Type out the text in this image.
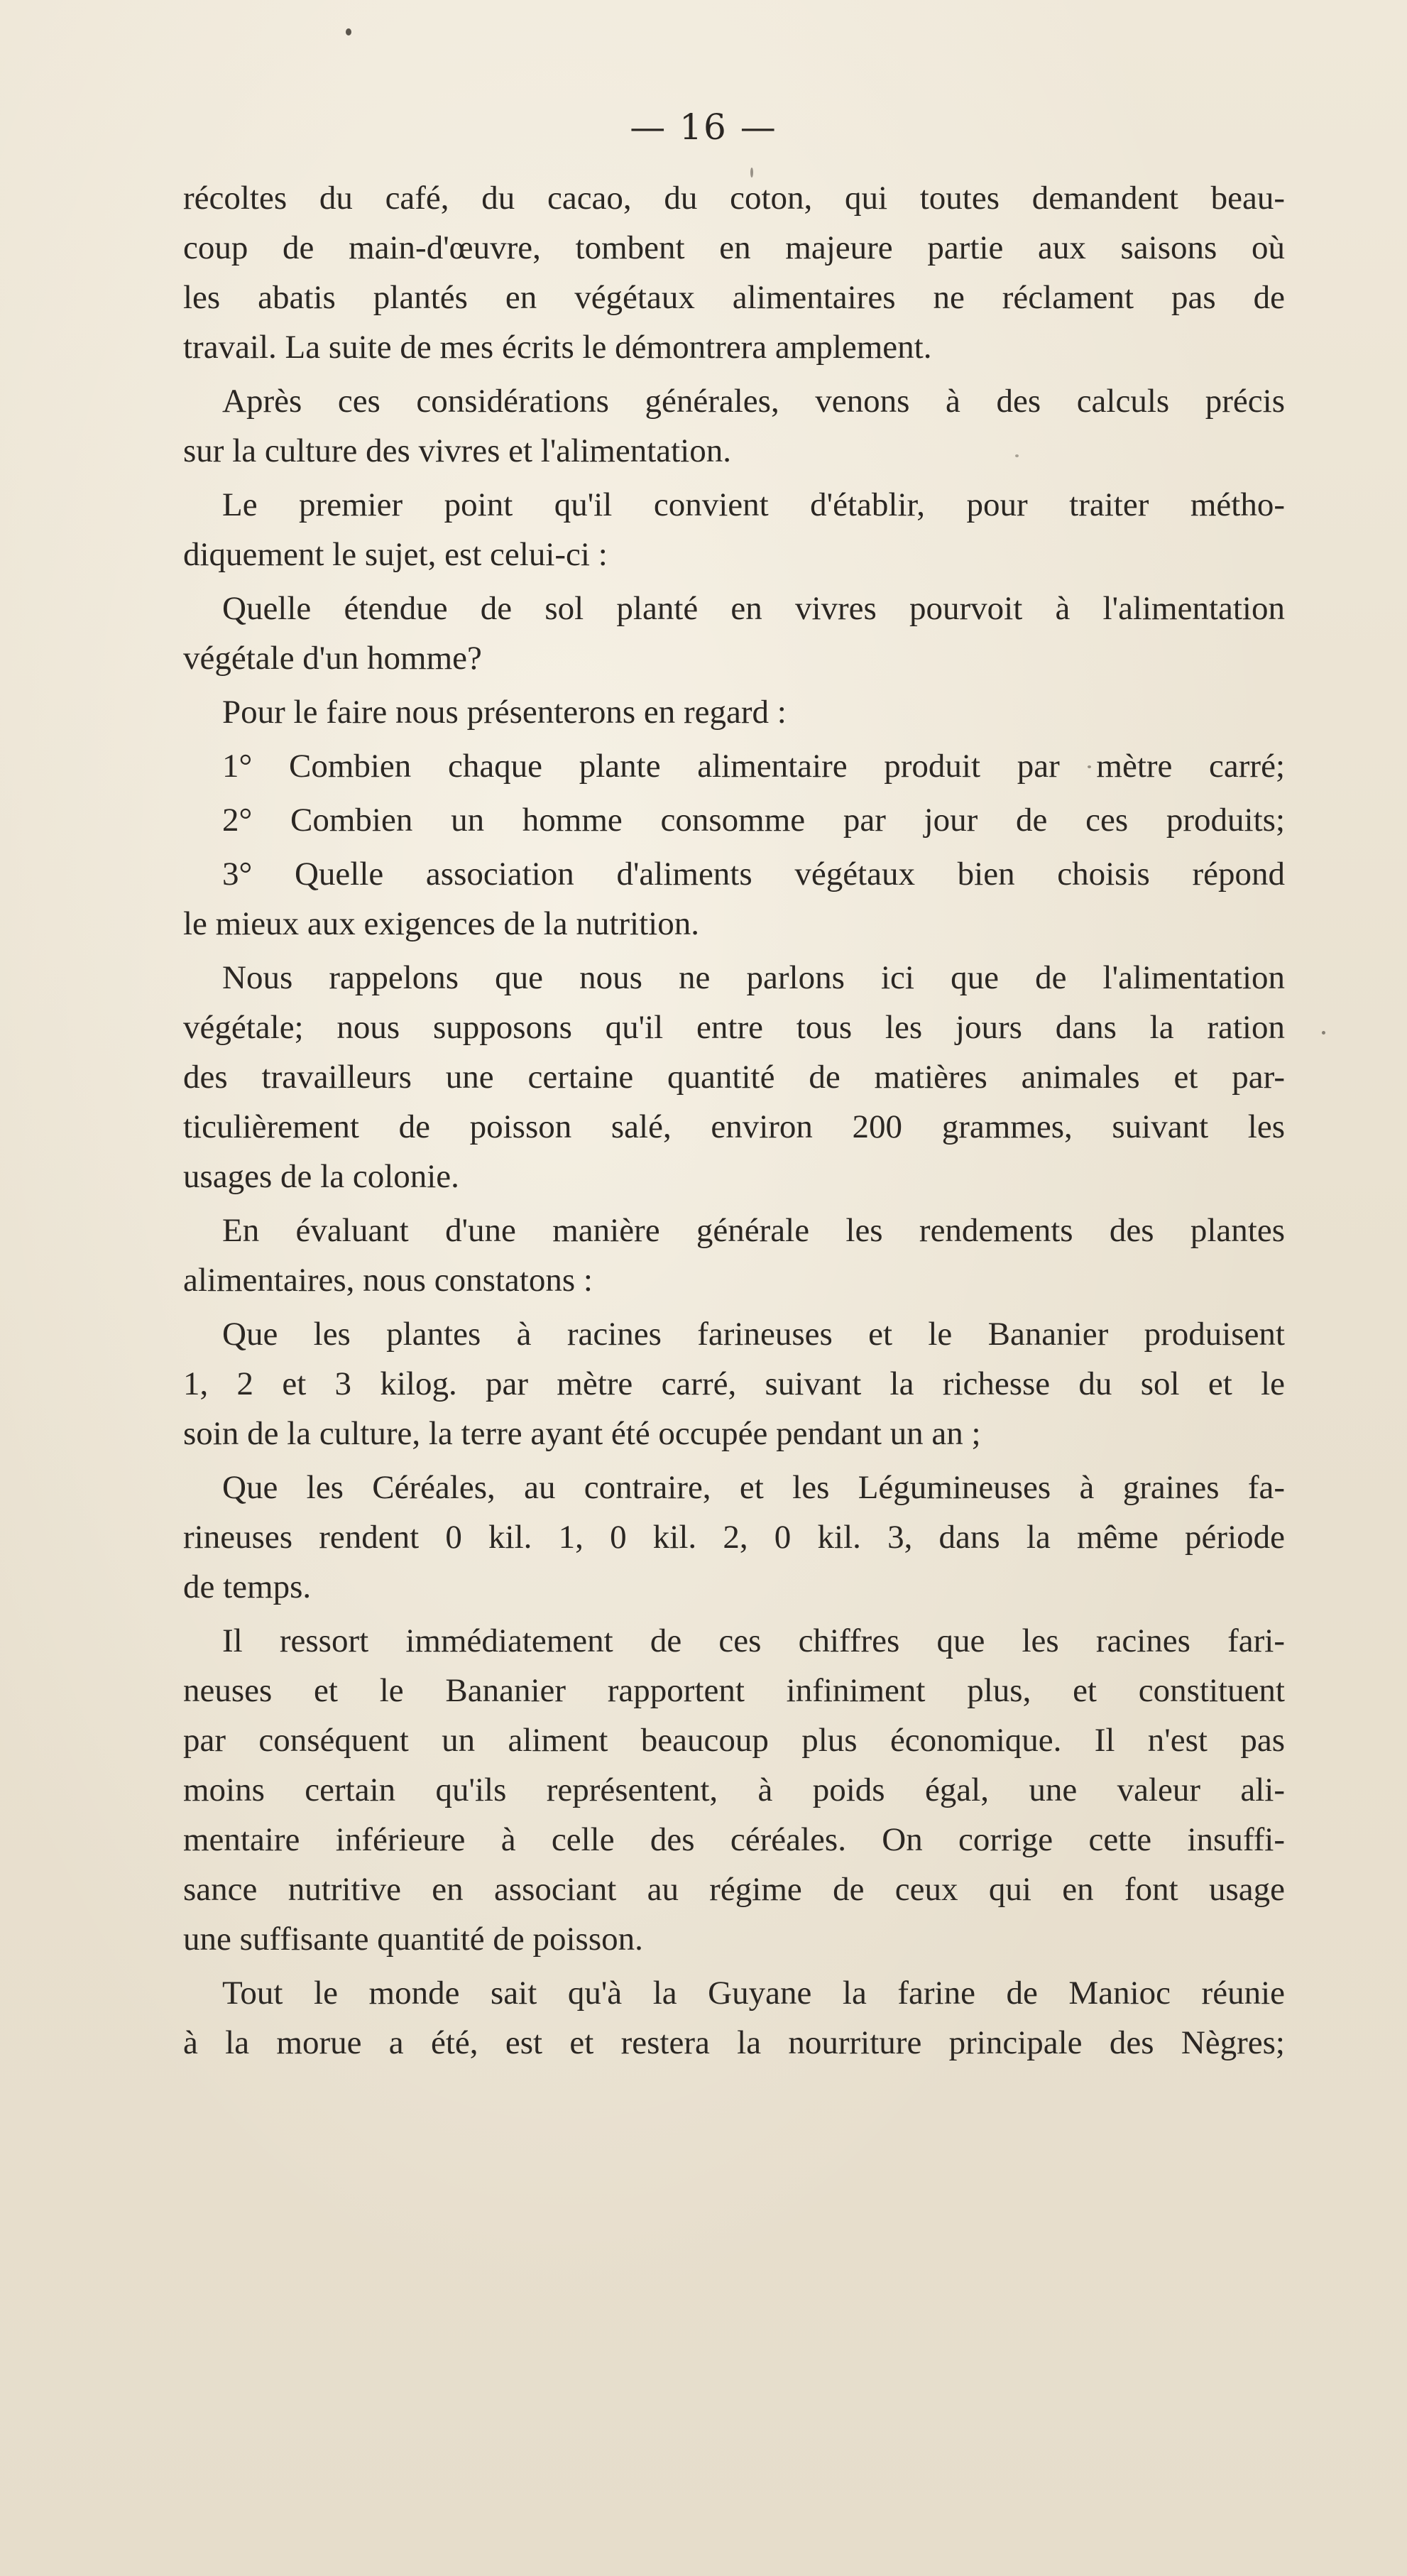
— 16 —
récoltes du café, du cacao, du coton, qui toutes demandent beau-
coup de main-d'œuvre, tombent en majeure partie aux saisons où
les abatis plantés en végétaux alimentaires ne réclament pas de
travail. La suite de mes écrits le démontrera amplement.
Après ces considérations générales, venons à des calculs précis
sur la culture des vivres et l'alimentation.
Le premier point qu'il convient d'établir, pour traiter métho-
diquement le sujet, est celui-ci :
Quelle étendue de sol planté en vivres pourvoit à l'alimentation
végétale d'un homme?
Pour le faire nous présenterons en regard :
1° Combien chaque plante alimentaire produit par mètre carré;
2° Combien un homme consomme par jour de ces produits;
3° Quelle association d'aliments végétaux bien choisis répond
le mieux aux exigences de la nutrition.
Nous rappelons que nous ne parlons ici que de l'alimentation
végétale; nous supposons qu'il entre tous les jours dans la ration
des travailleurs une certaine quantité de matières animales et par-
ticulièrement de poisson salé, environ 200 grammes, suivant les
usages de la colonie.
En évaluant d'une manière générale les rendements des plantes
alimentaires, nous constatons :
Que les plantes à racines farineuses et le Bananier produisent
1, 2 et 3 kilog. par mètre carré, suivant la richesse du sol et le
soin de la culture, la terre ayant été occupée pendant un an ;
Que les Céréales, au contraire, et les Légumineuses à graines fa-
rineuses rendent 0 kil. 1, 0 kil. 2, 0 kil. 3, dans la même période
de temps.
Il ressort immédiatement de ces chiffres que les racines fari-
neuses et le Bananier rapportent infiniment plus, et constituent
par conséquent un aliment beaucoup plus économique. Il n'est pas
moins certain qu'ils représentent, à poids égal, une valeur ali-
mentaire inférieure à celle des céréales. On corrige cette insuffi-
sance nutritive en associant au régime de ceux qui en font usage
une suffisante quantité de poisson.
Tout le monde sait qu'à la Guyane la farine de Manioc réunie
à la morue a été, est et restera la nourriture principale des Nègres;
